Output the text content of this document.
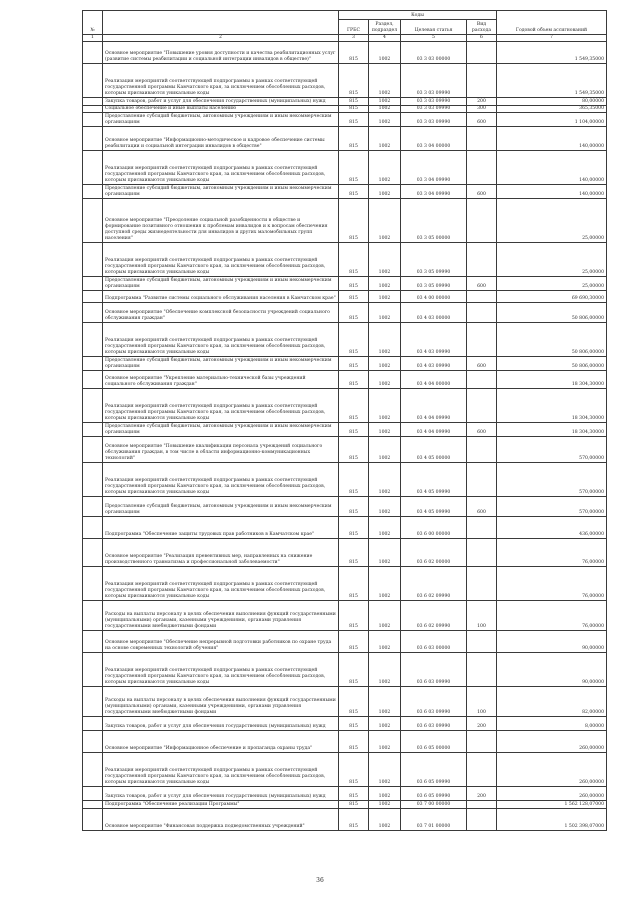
№		Коды				Годовой объем ассигнований
		ГРБС	Раздел, подраздел	Целевая статья	Вид расхода	
1	2	3	4	5	6	7
	Основное мероприятие "Повышение уровня доступности и качества реабилитационных услуг (развитие системы реабилитации и социальной интеграции инвалидов в обществе)"	815	1002	03 3 03 00000		1 549,35000
	Реализация мероприятий соответствующей подпрограммы в рамках соответствующей государственной программы Камчатского края, за исключением обособленных расходов, которым присваиваются уникальные коды	815	1002	03 3 03 09990		1 549,35000
	Закупка товаров, работ и услуг для обеспечения государственных (муниципальных) нужд	815	1002	03 3 03 09990	200	80,00000
	Социальное обеспечение и иные выплаты населению	815	1002	03 3 03 09990	300	365,35000
	Предоставление субсидий бюджетным, автономным учреждениям и иным некоммерческим организациям	815	1002	03 3 03 09990	600	1 104,00000
	Основное мероприятие "Информационно-методическое и кадровое обеспечение системы реабилитации и социальной интеграции инвалидов в обществе"	815	1002	03 3 04 00000		140,00000
	Реализация мероприятий соответствующей подпрограммы в рамках соответствующей государственной программы Камчатского края, за исключением обособленных расходов, которым присваиваются уникальные коды	815	1002	03 3 04 09990		140,00000
	Предоставление субсидий бюджетным, автономным учреждениям и иным некоммерческим организациям	815	1002	03 3 04 09990	600	140,00000
	Основное мероприятие "Преодоление социальной разобщенности в обществе и формирование позитивного отношения к проблемам инвалидов и к вопросам обеспечения доступной среды жизнедеятельности для инвалидов и других маломобильных групп населения"	815	1002	03 3 05 00000		25,00000
	Реализация мероприятий соответствующей подпрограммы в рамках соответствующей государственной программы Камчатского края, за исключением обособленных расходов, которым присваиваются уникальные коды	815	1002	03 3 05 09990		25,00000
	Предоставление субсидий бюджетным, автономным учреждениям и иным некоммерческим организациям	815	1002	03 3 05 09990	600	25,00000
	Подпрограмма "Развитие системы социального обслуживания населения в Камчатском крае"	815	1002	03 4 00 00000		69 690,30000
	Основное мероприятие "Обеспечение комплексной безопасности учреждений социального обслуживания граждан"	815	1002	03 4 03 00000		50 806,00000
	Реализация мероприятий соответствующей подпрограммы в рамках соответствующей государственной программы Камчатского края, за исключением обособленных расходов, которым присваиваются уникальные коды	815	1002	03 4 03 09990		50 806,00000
	Предоставление субсидий бюджетным, автономным учреждениям и иным некоммерческим организациям	815	1002	03 4 03 09990	600	50 806,00000
	Основное мероприятие "Укрепление материально-технической базы учреждений социального обслуживания граждан"	815	1002	03 4 04 00000		18 304,30000
	Реализация мероприятий соответствующей подпрограммы в рамках соответствующей государственной программы Камчатского края, за исключением обособленных расходов, которым присваиваются уникальные коды	815	1002	03 4 04 09990		18 304,30000
	Предоставление субсидий бюджетным, автономным учреждениям и иным некоммерческим организациям	815	1002	03 4 04 09990	600	18 304,30000
	Основное мероприятие "Повышение квалификации персонала учреждений социального обслуживания граждан, в том числе в области информационно-коммуникационных технологий"	815	1002	03 4 05 00000		570,00000
	Реализация мероприятий соответствующей подпрограммы в рамках соответствующей государственной программы Камчатского края, за исключением обособленных расходов, которым присваиваются уникальные коды	815	1002	03 4 05 09990		570,00000
	Предоставление субсидий бюджетным, автономным учреждениям и иным некоммерческим организациям	815	1002	03 4 05 09990	600	570,00000
	Подпрограмма "Обеспечение защиты трудовых прав работников в Камчатском крае"	815	1002	03 6 00 00000		436,00000
	Основное мероприятие "Реализация превентивных мер, направленных на снижение производственного травматизма и профессиональной заболеваемости"	815	1002	03 6 02 00000		76,00000
	Реализация мероприятий соответствующей подпрограммы в рамках соответствующей государственной программы Камчатского края, за исключением обособленных расходов, которым присваиваются уникальные коды	815	1002	03 6 02 09990		76,00000
	Расходы на выплаты персоналу в целях обеспечения выполнения функций государственными (муниципальными) органами, казенными учреждениями, органами управления государственными внебюджетными фондами	815	1002	03 6 02 09990	100	76,00000
	Основное мероприятие "Обеспечение непрерывной подготовки работников по охране труда на основе современных технологий обучения"	815	1002	03 6 03 00000		90,00000
	Реализация мероприятий соответствующей подпрограммы в рамках соответствующей государственной программы Камчатского края, за исключением обособленных расходов, которым присваиваются уникальные коды	815	1002	03 6 03 09990		90,00000
	Расходы на выплаты персоналу в целях обеспечения выполнения функций государственными (муниципальными) органами, казенными учреждениями, органами управления государственными внебюджетными фондами	815	1002	03 6 03 09990	100	82,00000
	Закупка товаров, работ и услуг для обеспечения государственных (муниципальных) нужд	815	1002	03 6 03 09990	200	8,00000
	Основное мероприятие "Информационное обеспечение и пропаганда охраны труда"	815	1002	03 6 05 00000		260,00000
	Реализация мероприятий соответствующей подпрограммы в рамках соответствующей государственной программы Камчатского края, за исключением обособленных расходов, которым присваиваются уникальные коды	815	1002	03 6 05 09990		260,00000
	Закупка товаров, работ и услуг для обеспечения государственных (муниципальных) нужд	815	1002	03 6 05 09990	200	260,00000
	Подпрограмма "Обеспечение реализации Программы"	815	1002	03 7 00 00000		1 562 128,07000
	Основное мероприятие "Финансовая поддержка подведомственных учреждений"	815	1002	03 7 01 00000		1 502 398,07000
36
